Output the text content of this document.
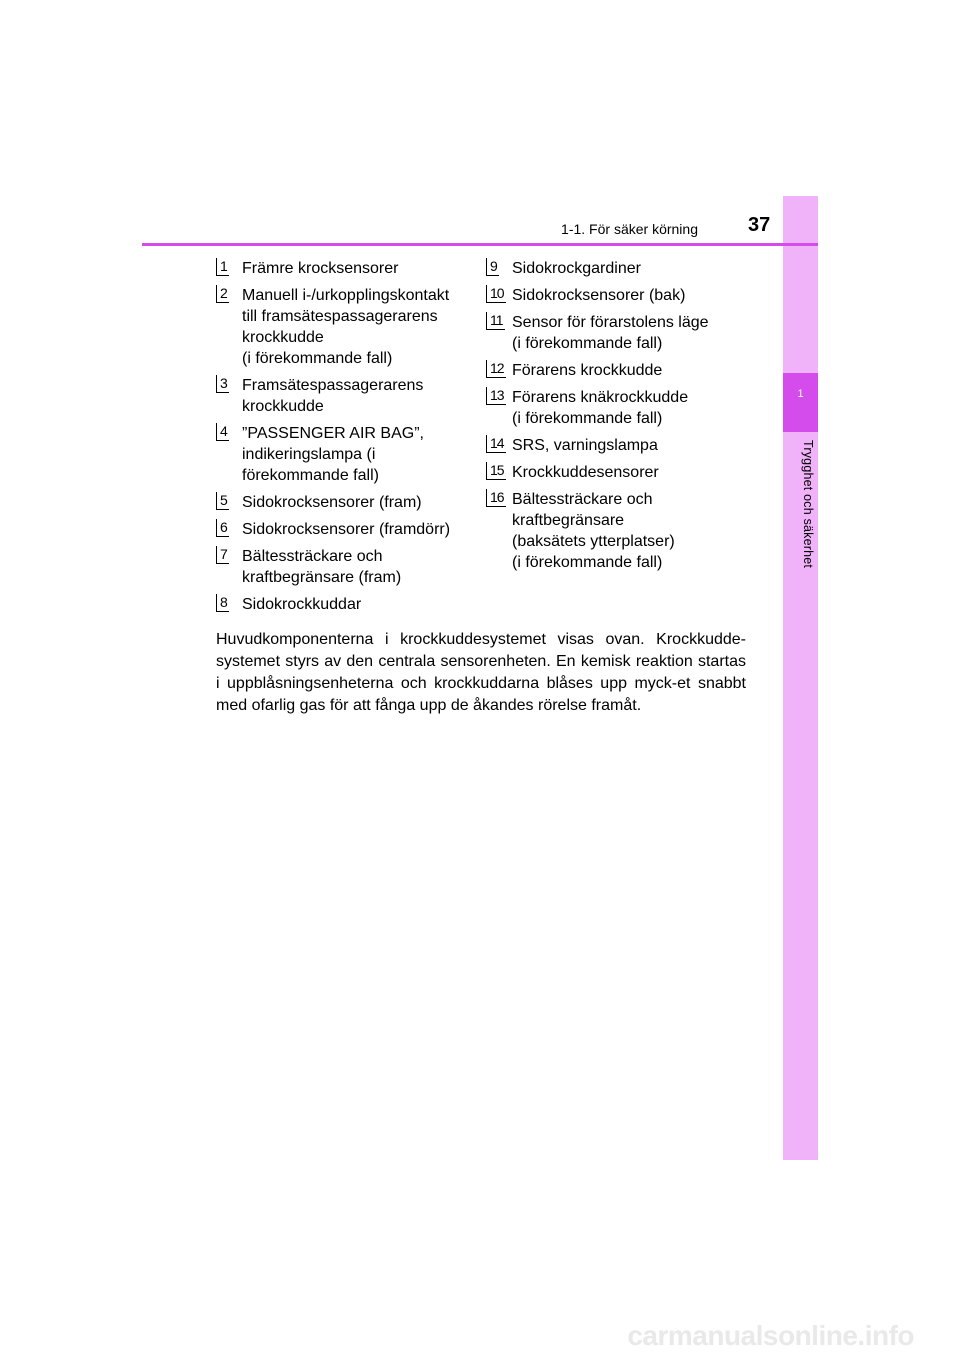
1
Trygghet och säkerhet
1-1. För säker körning	37
1 Främre krocksensorer
2 Manuell i-/urkopplingskontakt
till framsätespassagerarens
krockkudde
(i förekommande fall)
3 Framsätespassagerarens
krockkudde
4 ”PASSENGER AIR BAG”,
indikeringslampa (i
förekommande fall)
5 Sidokrocksensorer (fram)
6 Sidokrocksensorer (framdörr)
7 Bältessträckare och
kraftbegränsare (fram)
8 Sidokrockkuddar
9 Sidokrockgardiner
10 Sidokrocksensorer (bak)
11 Sensor för förarstolens läge
(i förekommande fall)
12 Förarens krockkudde
13 Förarens knäkrockkudde
(i förekommande fall)
14 SRS, varningslampa
15 Krockkuddesensorer
16 Bältessträckare och
kraftbegränsare
(baksätets ytterplatser)
(i förekommande fall)
Huvudkomponenterna i krockkuddesystemet visas ovan. Krockkudde-systemet styrs av den centrala sensorenheten. En kemisk reaktion startas i uppblåsningsenheterna och krockkuddarna blåses upp myck-et snabbt med ofarlig gas för att fånga upp de åkandes rörelse framåt.
carmanualsonline.info
